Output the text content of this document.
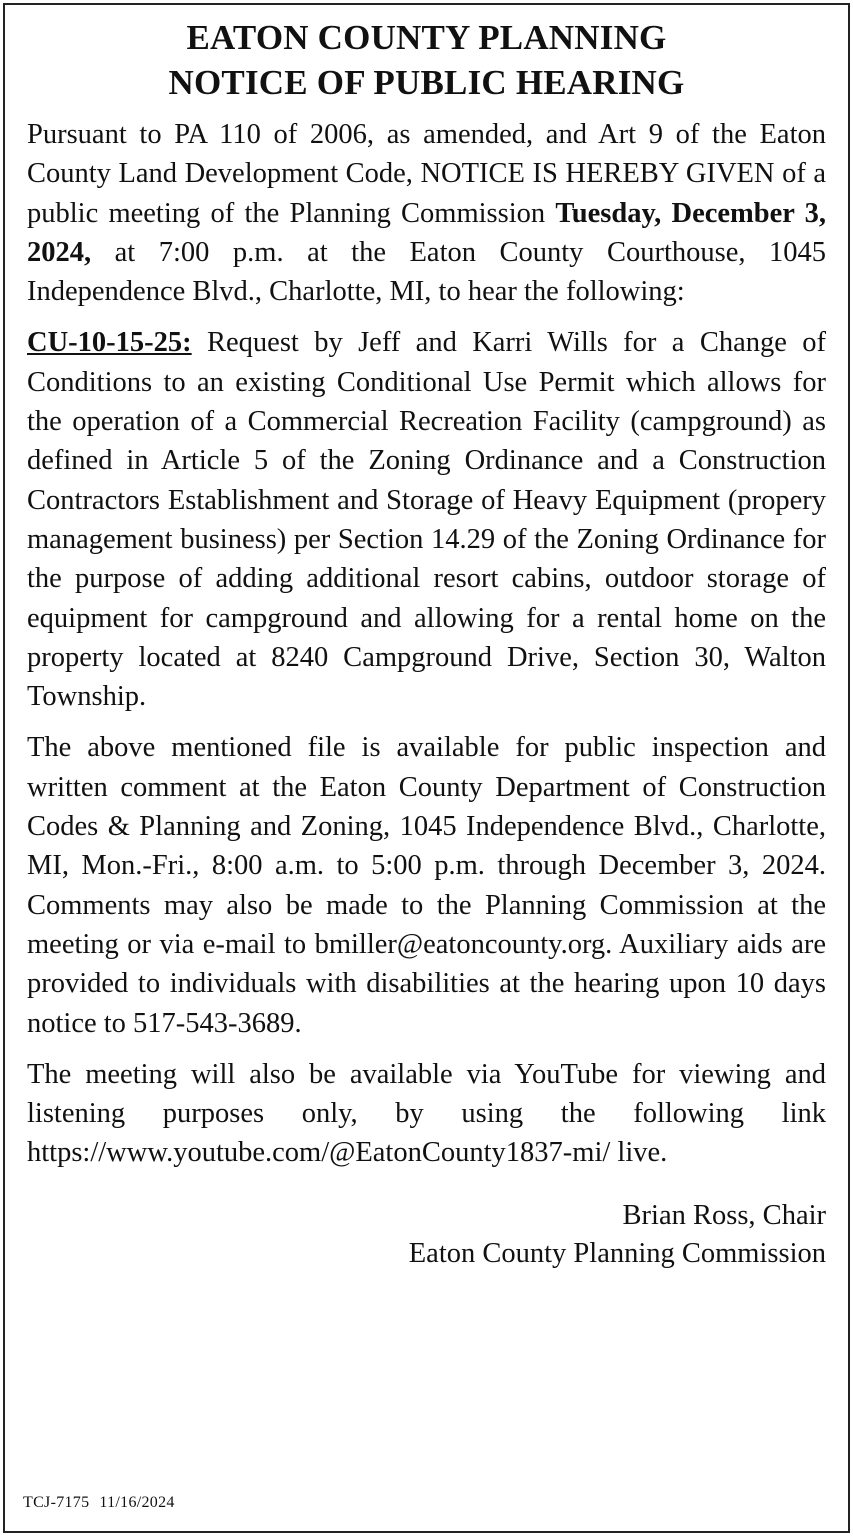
EATON COUNTY PLANNING
NOTICE OF PUBLIC HEARING

Pursuant to PA 110 of 2006, as amended, and Art 9 of the Eaton County Land Development Code, NOTICE IS HEREBY GIVEN of a public meeting of the Planning Commission Tuesday, December 3, 2024, at 7:00 p.m. at the Eaton County Courthouse, 1045 Independence Blvd., Charlotte, MI, to hear the following:

CU-10-15-25: Request by Jeff and Karri Wills for a Change of Conditions to an existing Conditional Use Permit which allows for the operation of a Commercial Recreation Facility (campground) as defined in Article 5 of the Zoning Ordinance and a Construction Contractors Establishment and Storage of Heavy Equipment (propery management business) per Section 14.29 of the Zoning Ordinance for the purpose of adding additional resort cabins, outdoor storage of equipment for campground and allowing for a rental home on the property located at 8240 Campground Drive, Section 30, Walton Township.

The above mentioned file is available for public inspection and written comment at the Eaton County Department of Construction Codes & Planning and Zoning, 1045 Independence Blvd., Charlotte, MI, Mon.-Fri., 8:00 a.m. to 5:00 p.m. through December 3, 2024. Comments may also be made to the Planning Commission at the meeting or via e-mail to bmiller@eatoncounty.org. Auxiliary aids are provided to individuals with disabilities at the hearing upon 10 days notice to 517-543-3689.

The meeting will also be available via YouTube for viewing and listening purposes only, by using the following link https://www.youtube.com/@EatonCounty1837-mi/ live.

Brian Ross, Chair
Eaton County Planning Commission
TCJ-7175 11/16/2024
